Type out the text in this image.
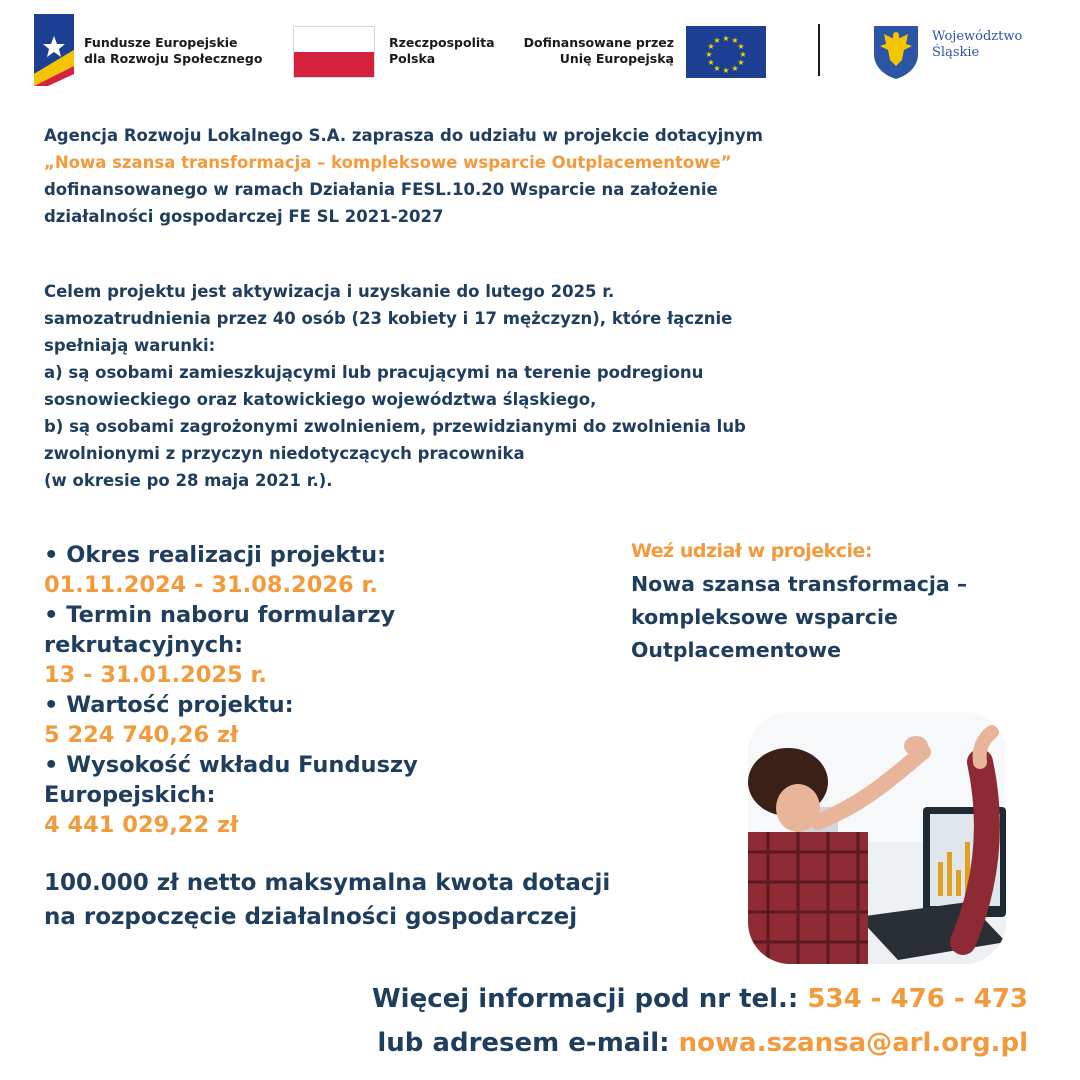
Fundusze Europejskie
dla Rozwoju Społecznego
Rzeczpospolita
Polska
Dofinansowane przez
Unię Europejską
★ ★
★
★
★
★
★
★
★
★
★
★	Województwo
Śląskie

Agencja Rozwoju Lokalnego S.A. zaprasza do udziału w projekcie dotacyjnym

„Nowa szansa transformacja – kompleksowe wsparcie Outplacementowe”

dofinansowanego w ramach Działania FESL.10.20 Wsparcie na założenie

działalności gospodarczej FE SL 2021-2027

Celem projektu jest aktywizacja i uzyskanie do lutego 2025 r.

samozatrudnienia przez 40 osób (23 kobiety i 17 mężczyzn), które łącznie

spełniają warunki:

a) są osobami zamieszkującymi lub pracującymi na terenie podregionu

sosnowieckiego oraz katowickiego województwa śląskiego,

b) są osobami zagrożonymi zwolnieniem, przewidzianymi do zwolnienia lub

zwolnionymi z przyczyn niedotyczących pracownika

(w okresie po 28 maja 2021 r.).

• Okres realizacji projektu:
01.11.2024 - 31.08.2026 r.
• Termin naboru formularzy
rekrutacyjnych:
13 - 31.01.2025 r.
• Wartość projektu:
5 224 740,26 zł
• Wysokość wkładu Funduszy
Europejskich:
4 441 029,22 zł
Weź udział w projekcie:
Nowa szansa transformacja –
kompleksowe wsparcie
Outplacementowe
100.000 zł netto maksymalna kwota dotacji
na rozpoczęcie działalności gospodarczej
Więcej informacji pod nr tel.: 534 - 476 - 473
lub adresem e-mail: nowa.szansa@arl.org.pl
